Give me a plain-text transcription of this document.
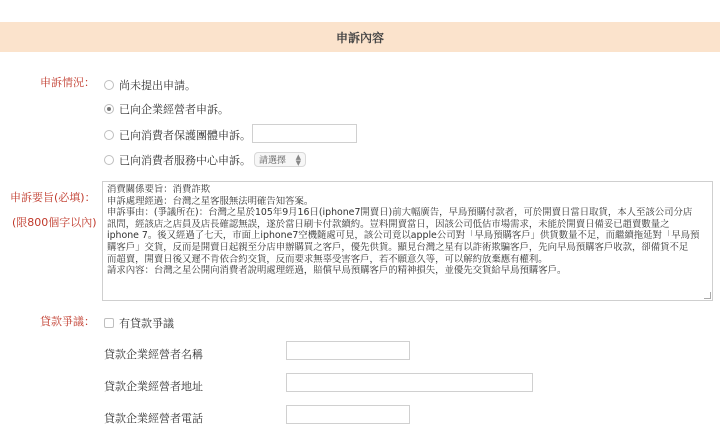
申訴內容
申訴情況： 尚未提出申請。
已向企業經營者申訴。
已向消費者保護團體申訴。
已向消費者服務中心申訴。 請選擇 ▲
▼
申訴要旨(必填)：
(限800個字以內)
消費關係要旨：消費詐欺
申訴處理經過：台灣之星客服無法明確告知答案。
申訴事由：(爭議所在)：台灣之星於105年9月16日(iphone7開賣日)前大幅廣告，早鳥預購付款者，可於開賣日當日取貨，本人至該公司分店
訊問，經該店之店員及店長確認無誤，遂於當日刷卡付款續約。豈料開賣當日，因該公司低估市場需求，未能於開賣日備妥已趙賣數量之
iphone 7。後又經過了七天，市面上iphone7空機隨處可見，該公司竟以apple公司對「早鳥預購客戶」供貨數量不足，而繼續拖延對「早鳥預
購客戶」交貨，反而是開賣日起親至分店申辦購買之客戶，優先供貨。顯見台灣之星有以詐術欺騙客戶，先向早鳥預購客戶收款，卻備貨不足
而超賣，開賣日後又遲不肯依合約交貨，反而要求無辜受害客戶，若不願意久等，可以解約放棄應有權利。
請求內容：台灣之星公開向消費者說明處理經過，賠償早鳥預購客戶的精神損失，並優先交貨給早鳥預購客戶。
貸款爭議： 有貸款爭議
貸款企業經營者名稱
貸款企業經營者地址
貸款企業經營者電話
